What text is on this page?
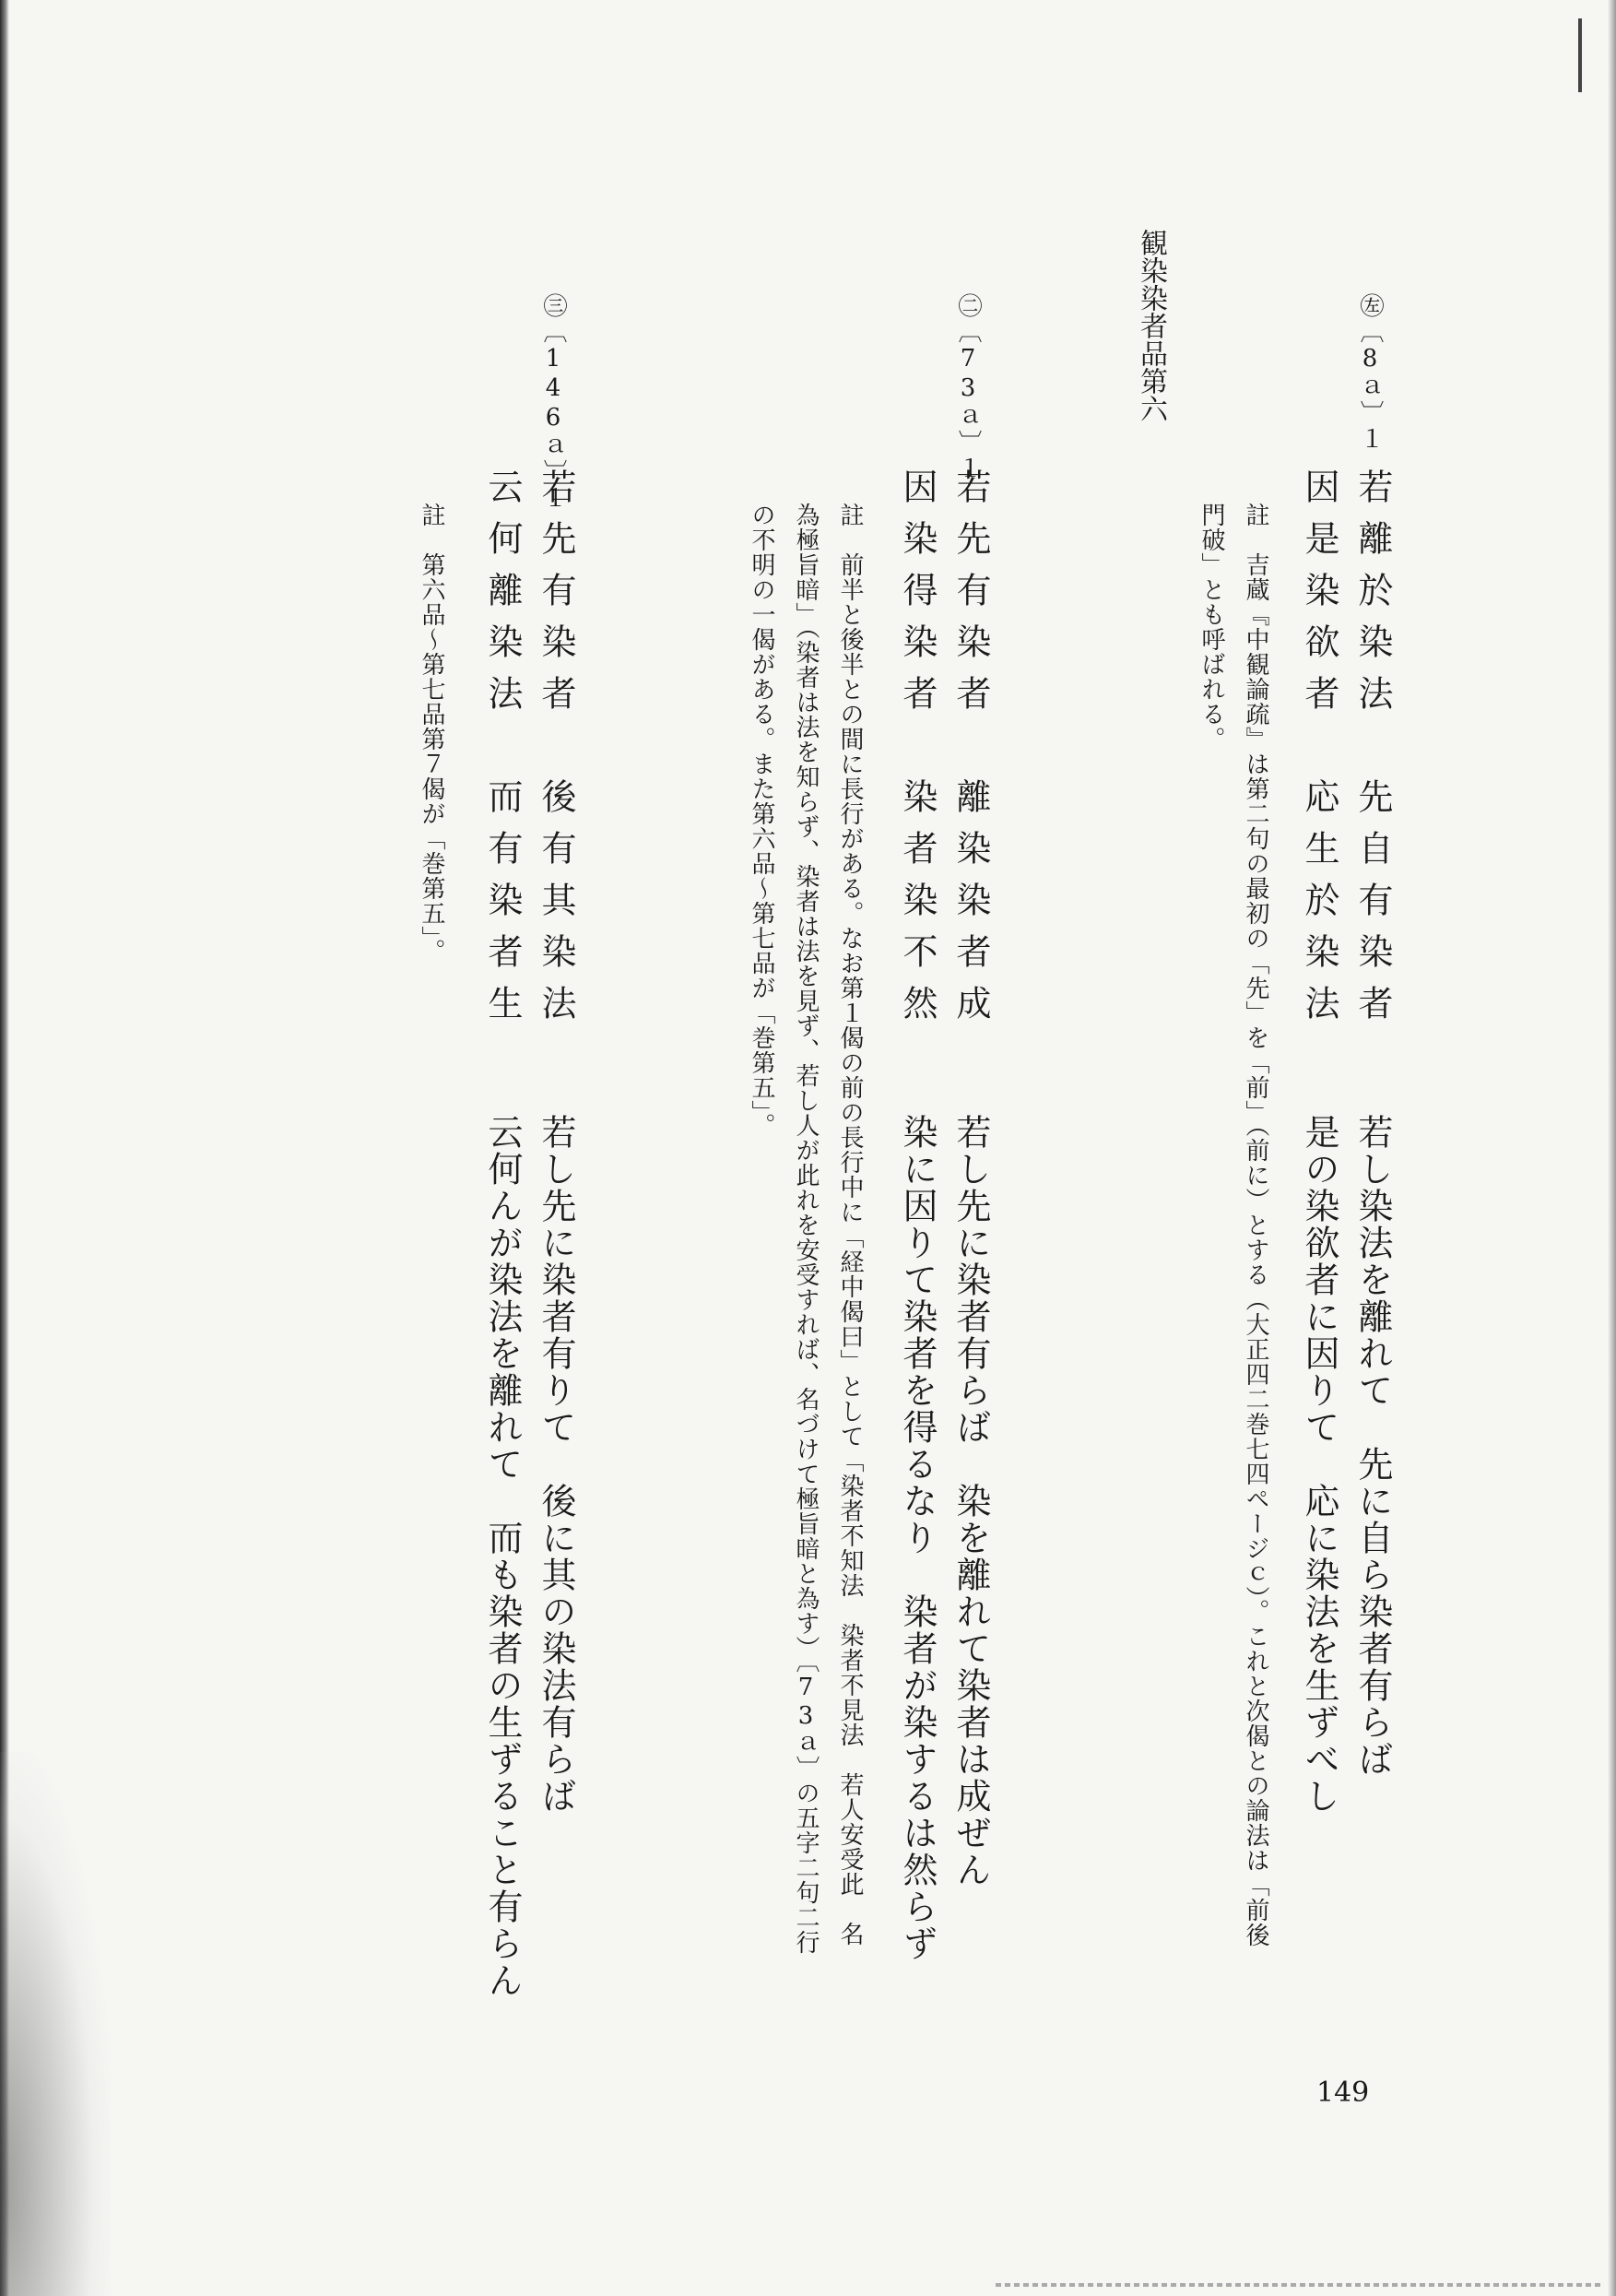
観染染者品第六	㊧〔8ａ〕１
若離於染法　先自有染者
因是染欲者　応生於染法
若し染法を離れて　先に自ら染者有らば
是の染欲者に因りて　応に染法を生ずべし
註　吉蔵『中観論疏』は第二句の最初の「先」を「前」（前に）とする（大正四二巻七四ページｃ）。これと次偈との論法は「前後
門破」とも呼ばれる。
㊁〔73ａ〕１
若先有染者　離染染者成
因染得染者　染者染不然
若し先に染者有らば　染を離れて染者は成ぜん
染に因りて染者を得るなり　染者が染するは然らず
註　前半と後半との間に長行がある。なお第１偈の前の長行中に「経中偈曰」として「染者不知法　染者不見法　若人安受此　名
為極旨暗」（染者は法を知らず、染者は法を見ず、若し人が此れを安受すれば、名づけて極旨暗と為す）〔73ａ〕の五字二句二行
の不明の一偈がある。また第六品〜第七品が「巻第五」。
㊂〔146ａ〕１
若先有染者　後有其染法
云何離染法　而有染者生
若し先に染者有りて　後に其の染法有らば
云何んが染法を離れて　而も染者の生ずること有らん
註　第六品〜第七品第７偈が「巻第五」。
149
